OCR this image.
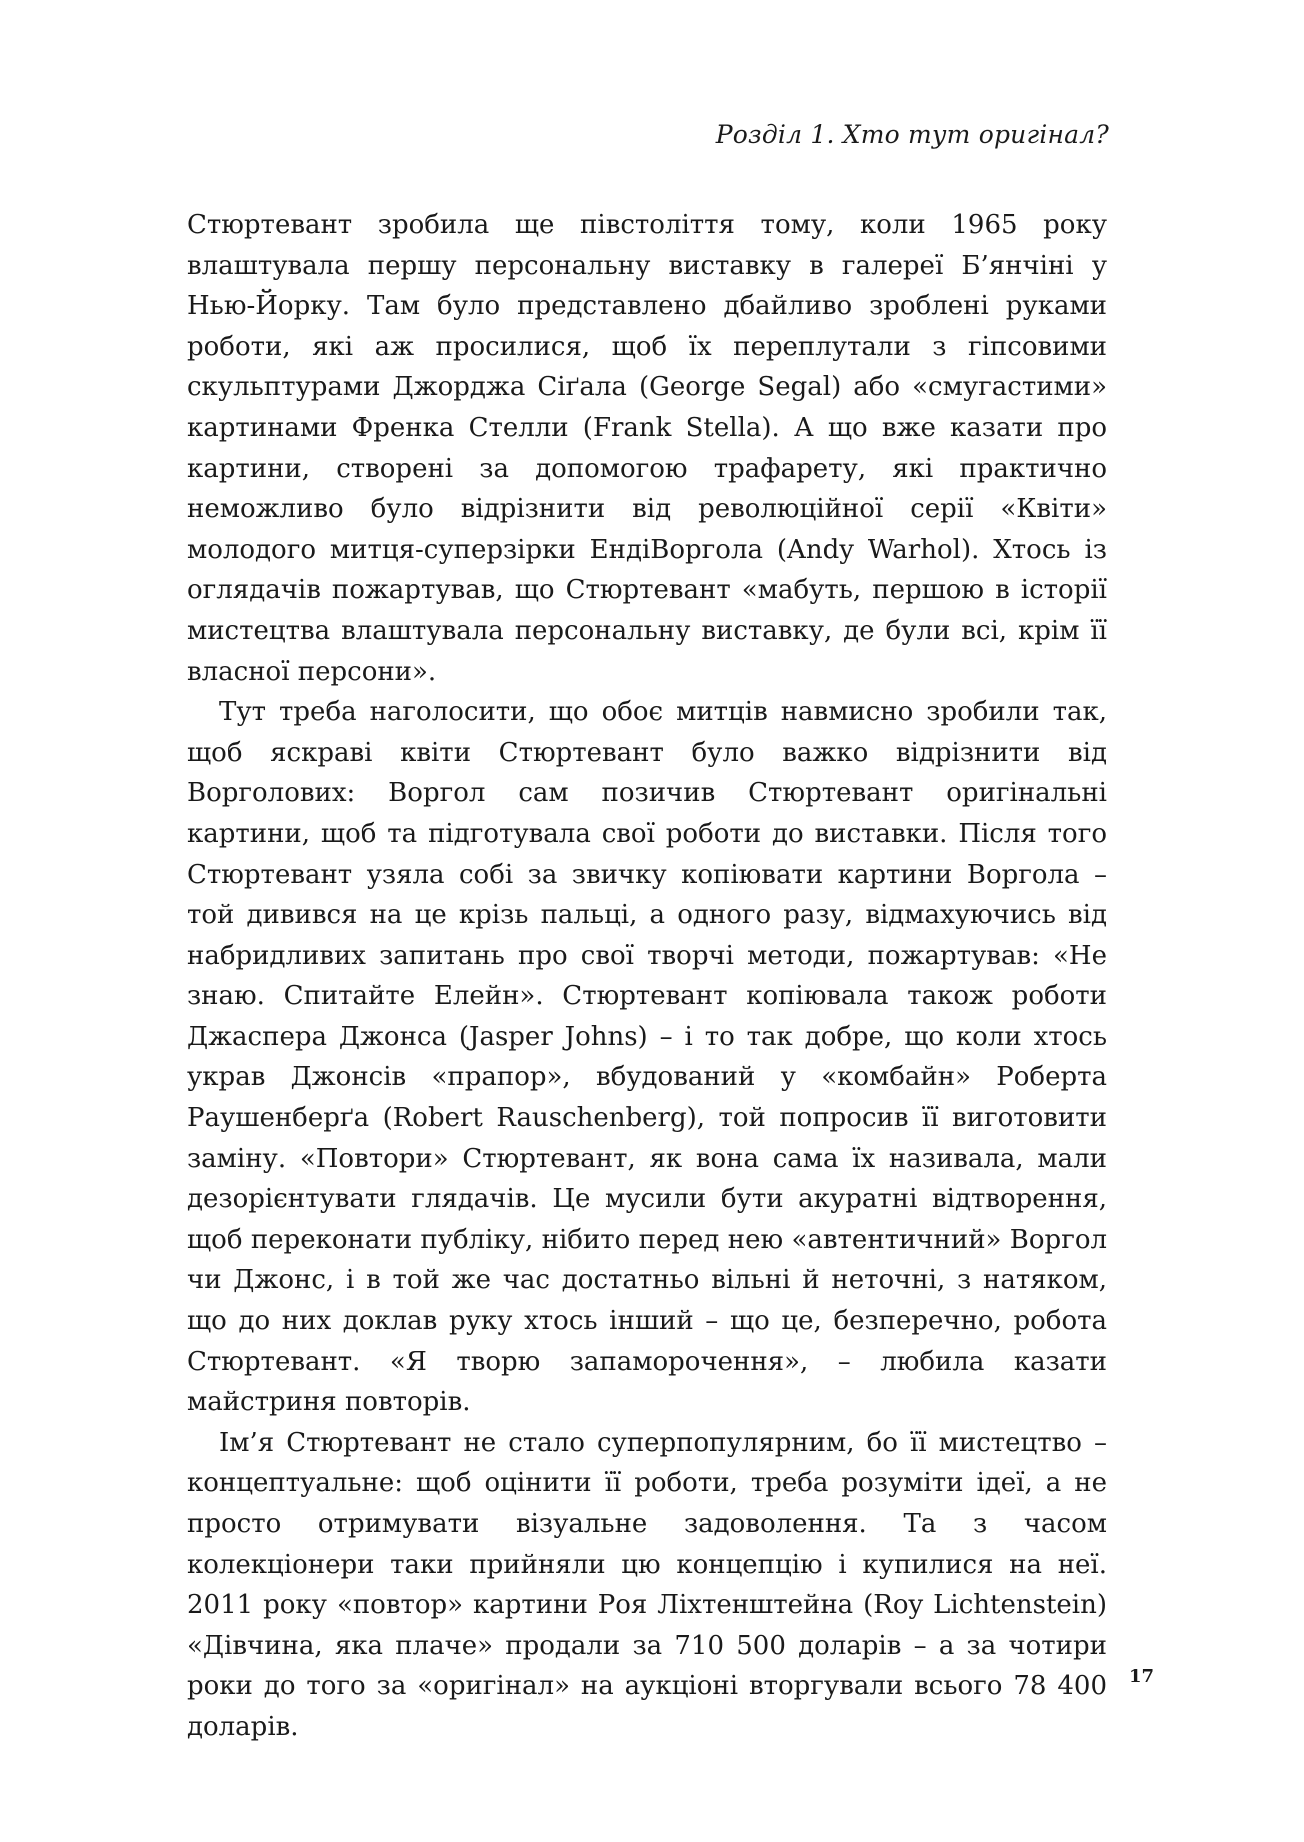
Розділ 1. Хто тут оригінал?

Стюртевант зробила ще півстоліття тому, коли 1965 року влаштувала першу персональну виставку в галереї Б’янчіні у Нью-Йорку. Там було представлено дбайливо зроблені руками роботи, які аж просилися, щоб їх переплутали з гіпсовими скульптурами Джорджа Сіґала (George Segal) або «смугастими» картинами Френка Стелли (Frank Stella). А що вже казати про картини, створені за допомогою трафарету, які практично неможливо було відрізнити від революційної серії «Квіти» молодого митця-суперзірки ЕндіВоргола (Andy Warhol). Хтось із оглядачів пожартував, що Стюртевант «мабуть, першою в історії мистецтва влаштувала персональну виставку, де були всі, крім її власної персони».

Тут треба наголосити, що обоє митців навмисно зробили так, щоб яскраві квіти Стюртевант було важко відрізнити від Ворголових: Воргол сам позичив Стюртевант оригінальні картини, щоб та підготувала свої роботи до виставки. Після того Стюртевант узяла собі за звичку копіювати картини Воргола – той дивився на це крізь пальці, а одного разу, відмахуючись від набридливих запитань про свої творчі методи, пожартував: «Не знаю. Спитайте Елейн». Стюртевант копіювала також роботи Джаспера Джонса (Jasper Johns) – і то так добре, що коли хтось украв Джонсів «прапор», вбудований у «комбайн» Роберта Раушенберґа (Robert Rauschenberg), той попросив її виготовити заміну. «Повтори» Стюртевант, як вона сама їх називала, мали дезорієнтувати глядачів. Це мусили бути акуратні відтворення, щоб переконати публіку, нібито перед нею «автентичний» Воргол чи Джонс, і в той же час достатньо вільні й неточні, з натяком, що до них доклав руку хтось інший – що це, безперечно, робота Стюртевант. «Я творю запаморочення», – любила казати майстриня повторів.

Ім’я Стюртевант не стало суперпопулярним, бо її мистецтво – концептуальне: щоб оцінити її роботи, треба розуміти ідеї, а не просто отримувати візуальне задоволення. Та з часом колекціонери таки прийняли цю концепцію і купилися на неї. 2011 року «повтор» картини Роя Ліхтенштейна (Roy Lichtenstein) «Дівчина, яка плаче» продали за 710 500 доларів – а за чотири роки до того за «оригінал» на аукціоні вторгували всього 78 400 доларів.

17
